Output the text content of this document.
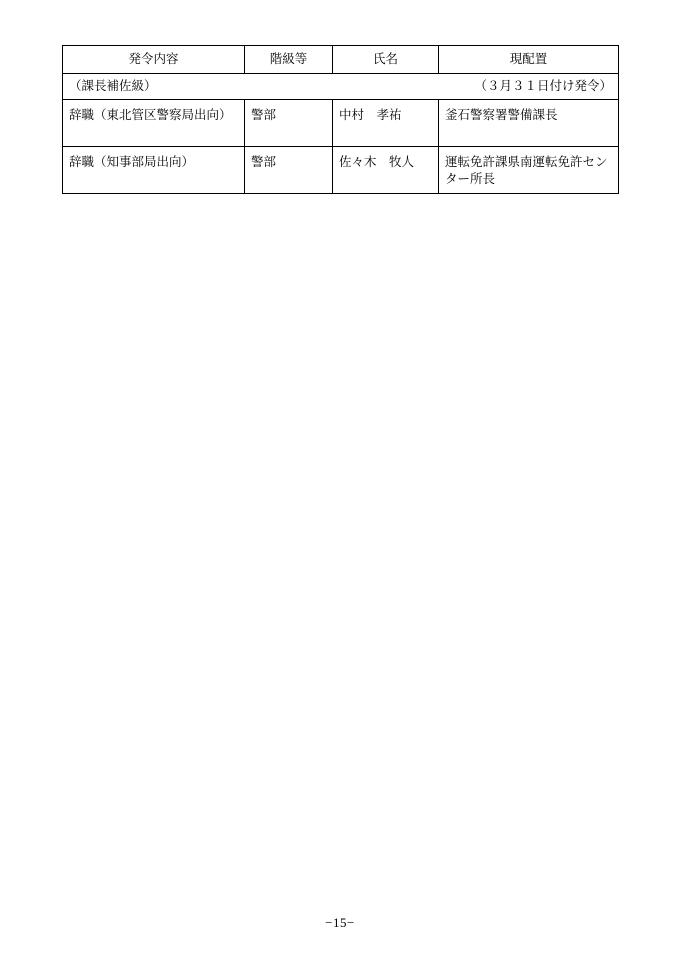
発令内容	階級等	氏名	現配置

（課長補佐級） （３月３１日付け発令）			

辞職（東北管区警察局出向）	警部	中村　孝祐	釜石警察署警備課長
辞職（知事部局出向）	警部	佐々木　牧人	運転免許課県南運転免許センター所長
−15−
